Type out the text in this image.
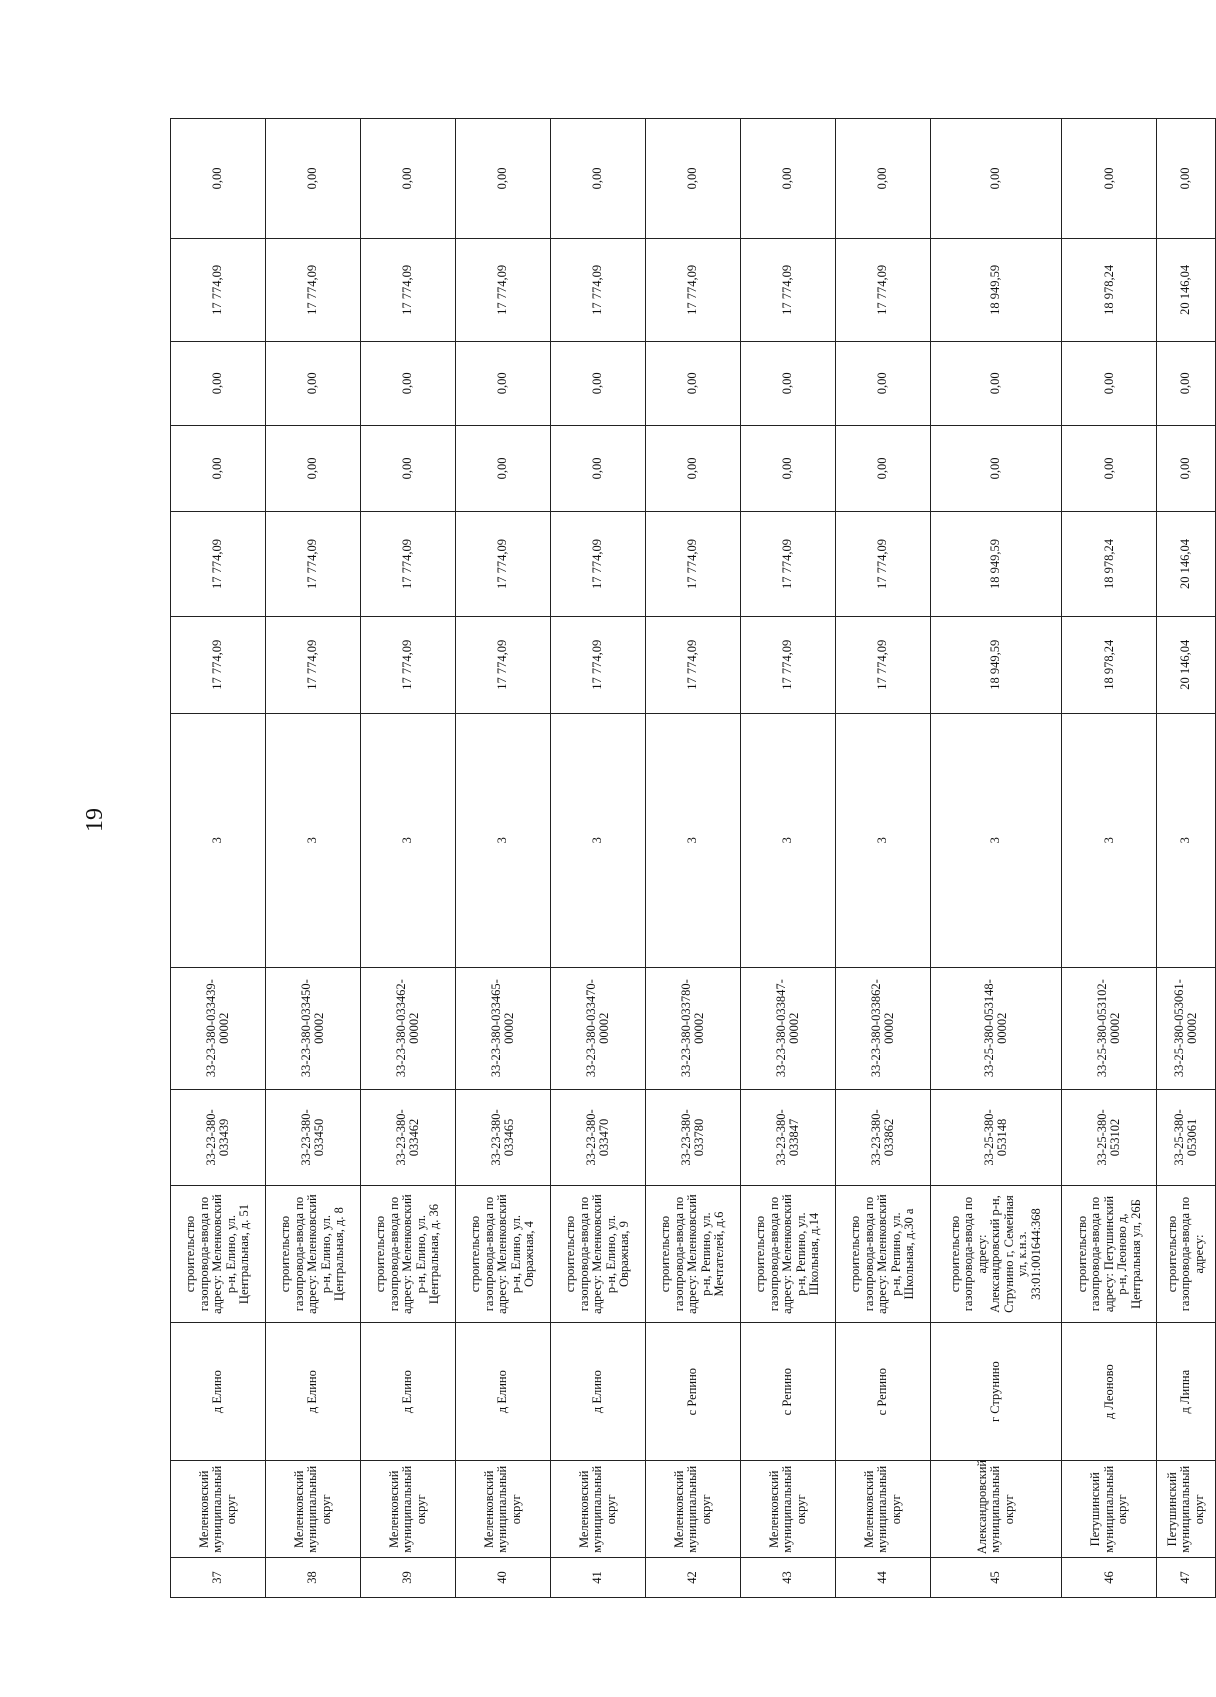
19
37	Меленковский муниципальный округ	д Елино	строительство газопровода-ввода по адресу: Меленковский р-н, Елино, ул. Центральная, д. 51	33-23-380-033439	33-23-380-033439-00002	3	17 774,09	17 774,09	0,00	0,00	17 774,09	0,00
38	Меленковский муниципальный округ	д Елино	строительство газопровода-ввода по адресу: Меленковский р-н, Елино, ул. Центральная, д. 8	33-23-380-033450	33-23-380-033450-00002	3	17 774,09	17 774,09	0,00	0,00	17 774,09	0,00
39	Меленковский муниципальный округ	д Елино	строительство газопровода-ввода по адресу: Меленковский р-н, Елино, ул. Центральная, д. 36	33-23-380-033462	33-23-380-033462-00002	3	17 774,09	17 774,09	0,00	0,00	17 774,09	0,00
40	Меленковский муниципальный округ	д Елино	строительство газопровода-ввода по адресу: Меленковский р-н, Елино, ул. Овражная, 4	33-23-380-033465	33-23-380-033465-00002	3	17 774,09	17 774,09	0,00	0,00	17 774,09	0,00
41	Меленковский муниципальный округ	д Елино	строительство газопровода-ввода по адресу: Меленковский р-н, Елино, ул. Овражная, 9	33-23-380-033470	33-23-380-033470-00002	3	17 774,09	17 774,09	0,00	0,00	17 774,09	0,00
42	Меленковский муниципальный округ	с Репино	строительство газопровода-ввода по адресу: Меленковский р-н, Репино, ул. Мечтателей, д.6	33-23-380-033780	33-23-380-033780-00002	3	17 774,09	17 774,09	0,00	0,00	17 774,09	0,00
43	Меленковский муниципальный округ	с Репино	строительство газопровода-ввода по адресу: Меленковский р-н, Репино, ул. Школьная, д.14	33-23-380-033847	33-23-380-033847-00002	3	17 774,09	17 774,09	0,00	0,00	17 774,09	0,00
44	Меленковский муниципальный округ	с Репино	строительство газопровода-ввода по адресу: Меленковский р-н, Репино, ул. Школьная, д.30 а	33-23-380-033862	33-23-380-033862-00002	3	17 774,09	17 774,09	0,00	0,00	17 774,09	0,00
45	Александровский муниципальный округ	г Струнино	строительство газопровода-ввода по адресу: Александровский р-н, Струнино г, Семейная ул, к.н.з. 33:01:001644:368	33-25-380-053148	33-25-380-053148-00002	3	18 949,59	18 949,59	0,00	0,00	18 949,59	0,00
46	Петушинский муниципальный округ	д Леоново	строительство газопровода-ввода по адресу: Петушинский р-н, Леоново д, Центральная ул, 26Б	33-25-380-053102	33-25-380-053102-00002	3	18 978,24	18 978,24	0,00	0,00	18 978,24	0,00
47	Петушинский муниципальный округ	д Липна	строительство газопровода-ввода по адресу:	33-25-380-053061	33-25-380-053061-00002	3	20 146,04	20 146,04	0,00	0,00	20 146,04	0,00
